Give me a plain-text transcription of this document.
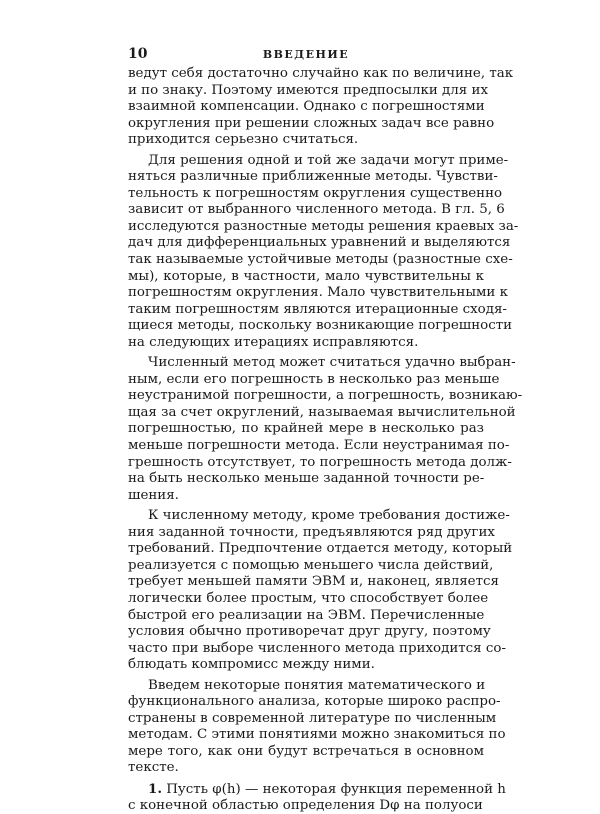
10	ВВЕДЕНИЕ
ведут себя достаточно случайно как по величине, так
и по знаку. Поэтому имеются предпосылки для их
взаимной компенсации. Однако с погрешностями
округления при решении сложных задач все равно
приходится серьезно считаться.
Для решения одной и той же задачи могут приме-
няться различные приближенные методы. Чувстви-
тельность к погрешностям округления существенно
зависит от выбранного численного метода. В гл. 5, 6
исследуются разностные методы решения краевых за-
дач для дифференциальных уравнений и выделяются
так называемые устойчивые методы (разностные схе-
мы), которые, в частности, мало чувствительны к
погрешностям округления. Мало чувствительными к
таким погрешностям являются итерационные сходя-
щиеся методы, поскольку возникающие погрешности
на следующих итерациях исправляются.
Численный метод может считаться удачно выбран-
ным, если его погрешность в несколько раз меньше
неустранимой погрешности, а погрешность, возникаю-
щая за счет округлений, называемая вычислительной
погрешностью, по крайней мере в несколько раз
меньше погрешности метода. Если неустранимая по-
грешность отсутствует, то погрешность метода долж-
на быть несколько меньше заданной точности ре-
шения.
К численному методу, кроме требования достиже-
ния заданной точности, предъявляются ряд других
требований. Предпочтение отдается методу, который
реализуется с помощью меньшего числа действий,
требует меньшей памяти ЭВМ и, наконец, является
логически более простым, что способствует более
быстрой его реализации на ЭВМ. Перечисленные
условия обычно противоречат друг другу, поэтому
часто при выборе численного метода приходится со-
блюдать компромисс между ними.
Введем некоторые понятия математического и
функционального анализа, которые широко распро-
странены в современной литературе по численным
методам. С этими понятиями можно знакомиться по
мере того, как они будут встречаться в основном
тексте.
1. Пусть φ(h) — некоторая функция переменной h
с конечной областью определения Dφ на полуоси
